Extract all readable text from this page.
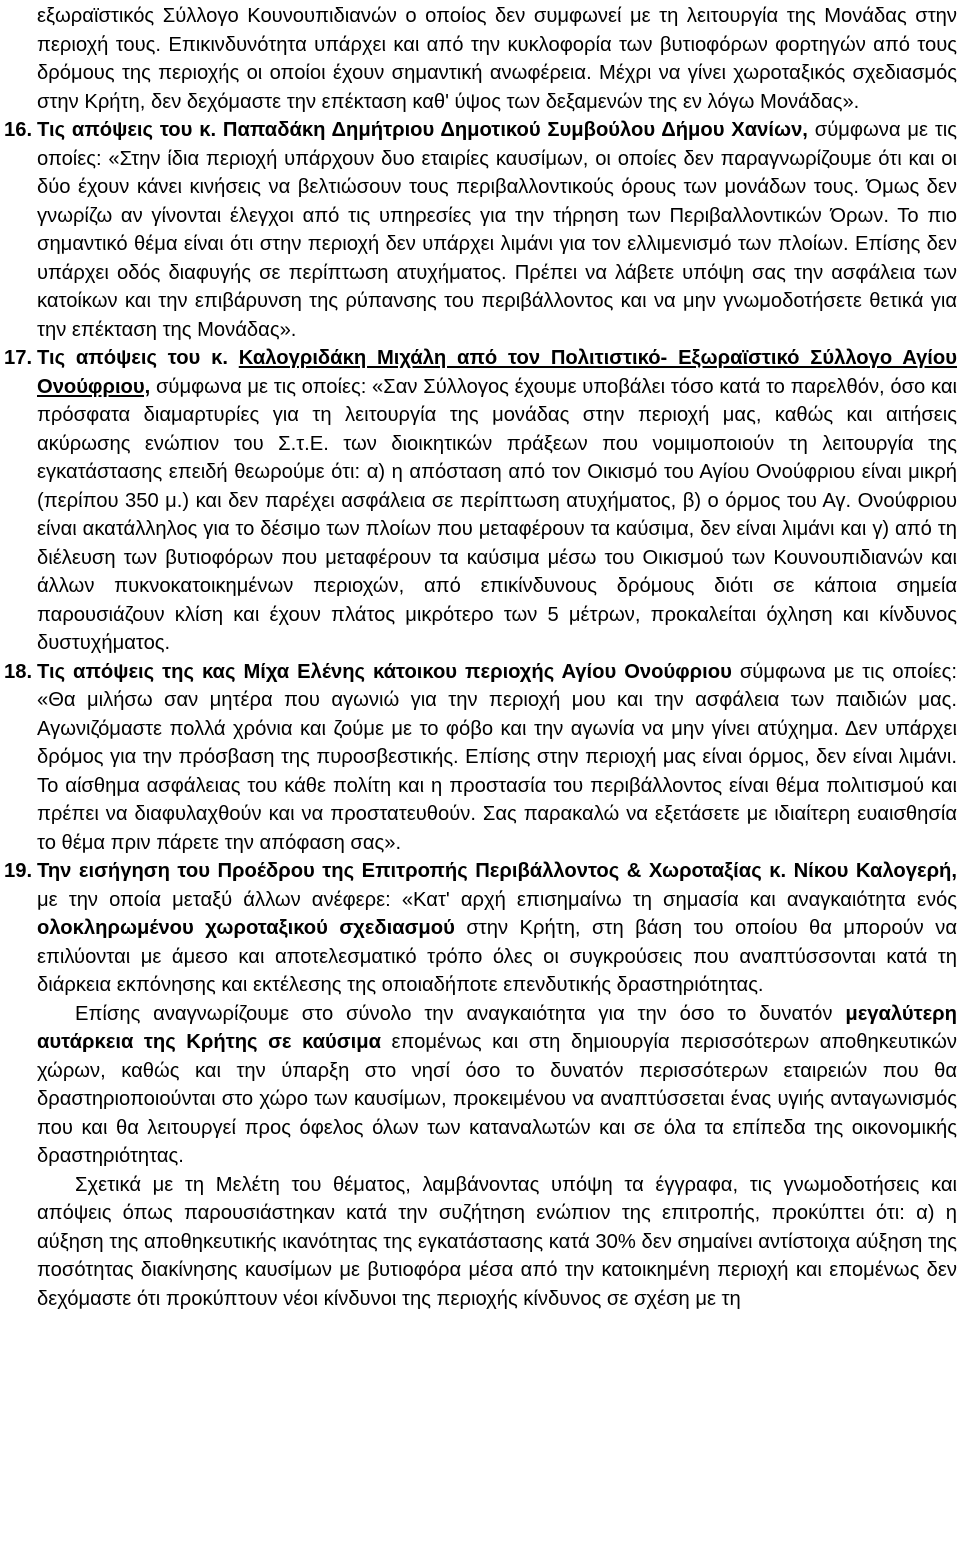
εξωραϊστικός Σύλλογο Κουνουπιδιανών ο οποίος δεν συμφωνεί με τη λειτουργία της Μονάδας στην περιοχή τους. Επικινδυνότητα υπάρχει και από την κυκλοφορία των βυτιοφόρων φορτηγών από τους δρόμους της περιοχής οι οποίοι έχουν σημαντική ανωφέρεια. Μέχρι να γίνει χωροταξικός σχεδιασμός στην Κρήτη, δεν δεχόμαστε την επέκταση καθ' ύψος των δεξαμενών της εν λόγω Μονάδας».

16. Τις απόψεις του κ. Παπαδάκη Δημήτριου Δημοτικού Συμβούλου Δήμου Χανίων, σύμφωνα με τις οποίες: «Στην ίδια περιοχή υπάρχουν δυο εταιρίες καυσίμων, οι οποίες δεν παραγνωρίζουμε ότι και οι δύο έχουν κάνει κινήσεις να βελτιώσουν τους περιβαλλοντικούς όρους των μονάδων τους. Όμως δεν γνωρίζω αν γίνονται έλεγχοι από τις υπηρεσίες για την τήρηση των Περιβαλλοντικών Όρων. Το πιο σημαντικό θέμα είναι ότι στην περιοχή δεν υπάρχει λιμάνι για τον ελλιμενισμό των πλοίων. Επίσης δεν υπάρχει οδός διαφυγής σε περίπτωση ατυχήματος. Πρέπει να λάβετε υπόψη σας την ασφάλεια των κατοίκων και την επιβάρυνση της ρύπανσης του περιβάλλοντος και να μην γνωμοδοτήσετε θετικά για την επέκταση της Μονάδας».

17. Τις απόψεις του κ. Καλογριδάκη Μιχάλη από τον Πολιτιστικό- Εξωραϊστικό Σύλλογο Αγίου Ονούφριου, σύμφωνα με τις οποίες: «Σαν Σύλλογος έχουμε υποβάλει τόσο κατά το παρελθόν, όσο και πρόσφατα διαμαρτυρίες για τη λειτουργία της μονάδας στην περιοχή μας, καθώς και αιτήσεις ακύρωσης ενώπιον του Σ.τ.Ε. των διοικητικών πράξεων που νομιμοποιούν τη λειτουργία της εγκατάστασης επειδή θεωρούμε ότι: α) η απόσταση από τον Οικισμό του Αγίου Ονούφριου είναι μικρή (περίπου 350 μ.) και δεν παρέχει ασφάλεια σε περίπτωση ατυχήματος, β) ο όρμος του Αγ. Ονούφριου είναι ακατάλληλος για το δέσιμο των πλοίων που μεταφέρουν τα καύσιμα, δεν είναι λιμάνι και γ) από τη διέλευση των βυτιοφόρων που μεταφέρουν τα καύσιμα μέσω του Οικισμού των Κουνουπιδιανών και άλλων πυκνοκατοικημένων περιοχών, από επικίνδυνους δρόμους διότι σε κάποια σημεία παρουσιάζουν κλίση και έχουν πλάτος μικρότερο των 5 μέτρων, προκαλείται όχληση και κίνδυνος δυστυχήματος.

18. Τις απόψεις της κας Μίχα Ελένης κάτοικου περιοχής Αγίου Ονούφριου σύμφωνα με τις οποίες: «Θα μιλήσω σαν μητέρα που αγωνιώ για την περιοχή μου και την ασφάλεια των παιδιών μας. Αγωνιζόμαστε πολλά χρόνια και ζούμε με το φόβο και την αγωνία να μην γίνει ατύχημα. Δεν υπάρχει δρόμος για την πρόσβαση της πυροσβεστικής. Επίσης στην περιοχή μας είναι όρμος, δεν είναι λιμάνι. Το αίσθημα ασφάλειας του κάθε πολίτη και η προστασία του περιβάλλοντος είναι θέμα πολιτισμού και πρέπει να διαφυλαχθούν και να προστατευθούν. Σας παρακαλώ να εξετάσετε με ιδιαίτερη ευαισθησία το θέμα πριν πάρετε την απόφαση σας».

19. Την εισήγηση του Προέδρου της Επιτροπής Περιβάλλοντος & Χωροταξίας κ. Νίκου Καλογερή, με την οποία μεταξύ άλλων ανέφερε: «Κατ' αρχή επισημαίνω τη σημασία και αναγκαιότητα ενός ολοκληρωμένου χωροταξικού σχεδιασμού στην Κρήτη, στη βάση του οποίου θα μπορούν να επιλύονται με άμεσο και αποτελεσματικό τρόπο όλες οι συγκρούσεις που αναπτύσσονται κατά τη διάρκεια εκπόνησης και εκτέλεσης της οποιαδήποτε επενδυτικής δραστηριότητας.

Επίσης αναγνωρίζουμε στο σύνολο την αναγκαιότητα για την όσο το δυνατόν μεγαλύτερη αυτάρκεια της Κρήτης σε καύσιμα επομένως και στη δημιουργία περισσότερων αποθηκευτικών χώρων, καθώς και την ύπαρξη στο νησί όσο το δυνατόν περισσότερων εταιρειών που θα δραστηριοποιούνται στο χώρο των καυσίμων, προκειμένου να αναπτύσσεται ένας υγιής ανταγωνισμός που και θα λειτουργεί προς όφελος όλων των καταναλωτών και σε όλα τα επίπεδα της οικονομικής δραστηριότητας.

Σχετικά με τη Μελέτη του θέματος, λαμβάνοντας υπόψη τα έγγραφα, τις γνωμοδοτήσεις και απόψεις όπως παρουσιάστηκαν κατά την συζήτηση ενώπιον της επιτροπής, προκύπτει ότι: α) η αύξηση της αποθηκευτικής ικανότητας της εγκατάστασης κατά 30% δεν σημαίνει αντίστοιχα αύξηση της ποσότητας διακίνησης καυσίμων με βυτιοφόρα μέσα από την κατοικημένη περιοχή και επομένως δεν δεχόμαστε ότι προκύπτουν νέοι κίνδυνοι της περιοχής κίνδυνος σε σχέση με τη
